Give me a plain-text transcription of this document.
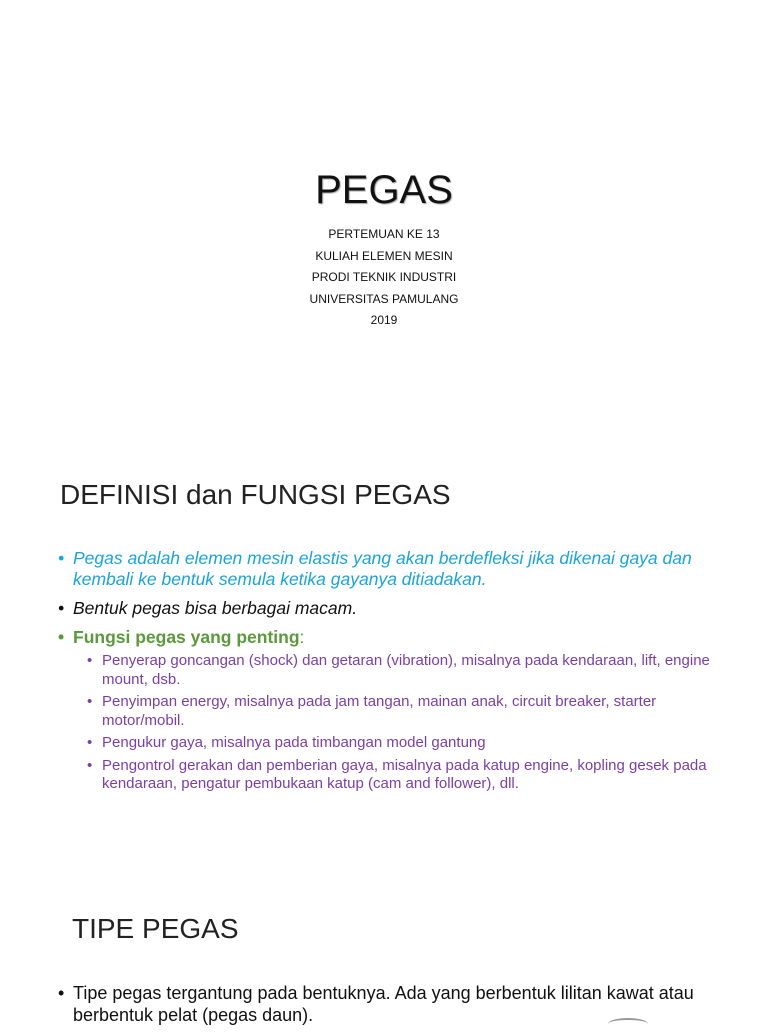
PEGAS
PERTEMUAN KE 13
KULIAH ELEMEN MESIN
PRODI TEKNIK INDUSTRI
UNIVERSITAS PAMULANG
2019
DEFINISI dan FUNGSI PEGAS
• Pegas adalah elemen mesin elastis yang akan berdefleksi jika dikenai gaya dan kembali ke bentuk semula ketika gayanya ditiadakan.
• Bentuk pegas bisa berbagai macam.
• Fungsi pegas yang penting:
• Penyerap goncangan (shock) dan getaran (vibration), misalnya pada kendaraan, lift, engine mount, dsb.
• Penyimpan energy, misalnya pada jam tangan, mainan anak, circuit breaker, starter motor/mobil.
• Pengukur gaya, misalnya pada timbangan model gantung
• Pengontrol gerakan dan pemberian gaya, misalnya pada katup engine, kopling gesek pada kendaraan, pengatur pembukaan katup (cam and follower), dll.
TIPE PEGAS
• Tipe pegas tergantung pada bentuknya. Ada yang berbentuk lilitan kawat atau berbentuk pelat (pegas daun).
